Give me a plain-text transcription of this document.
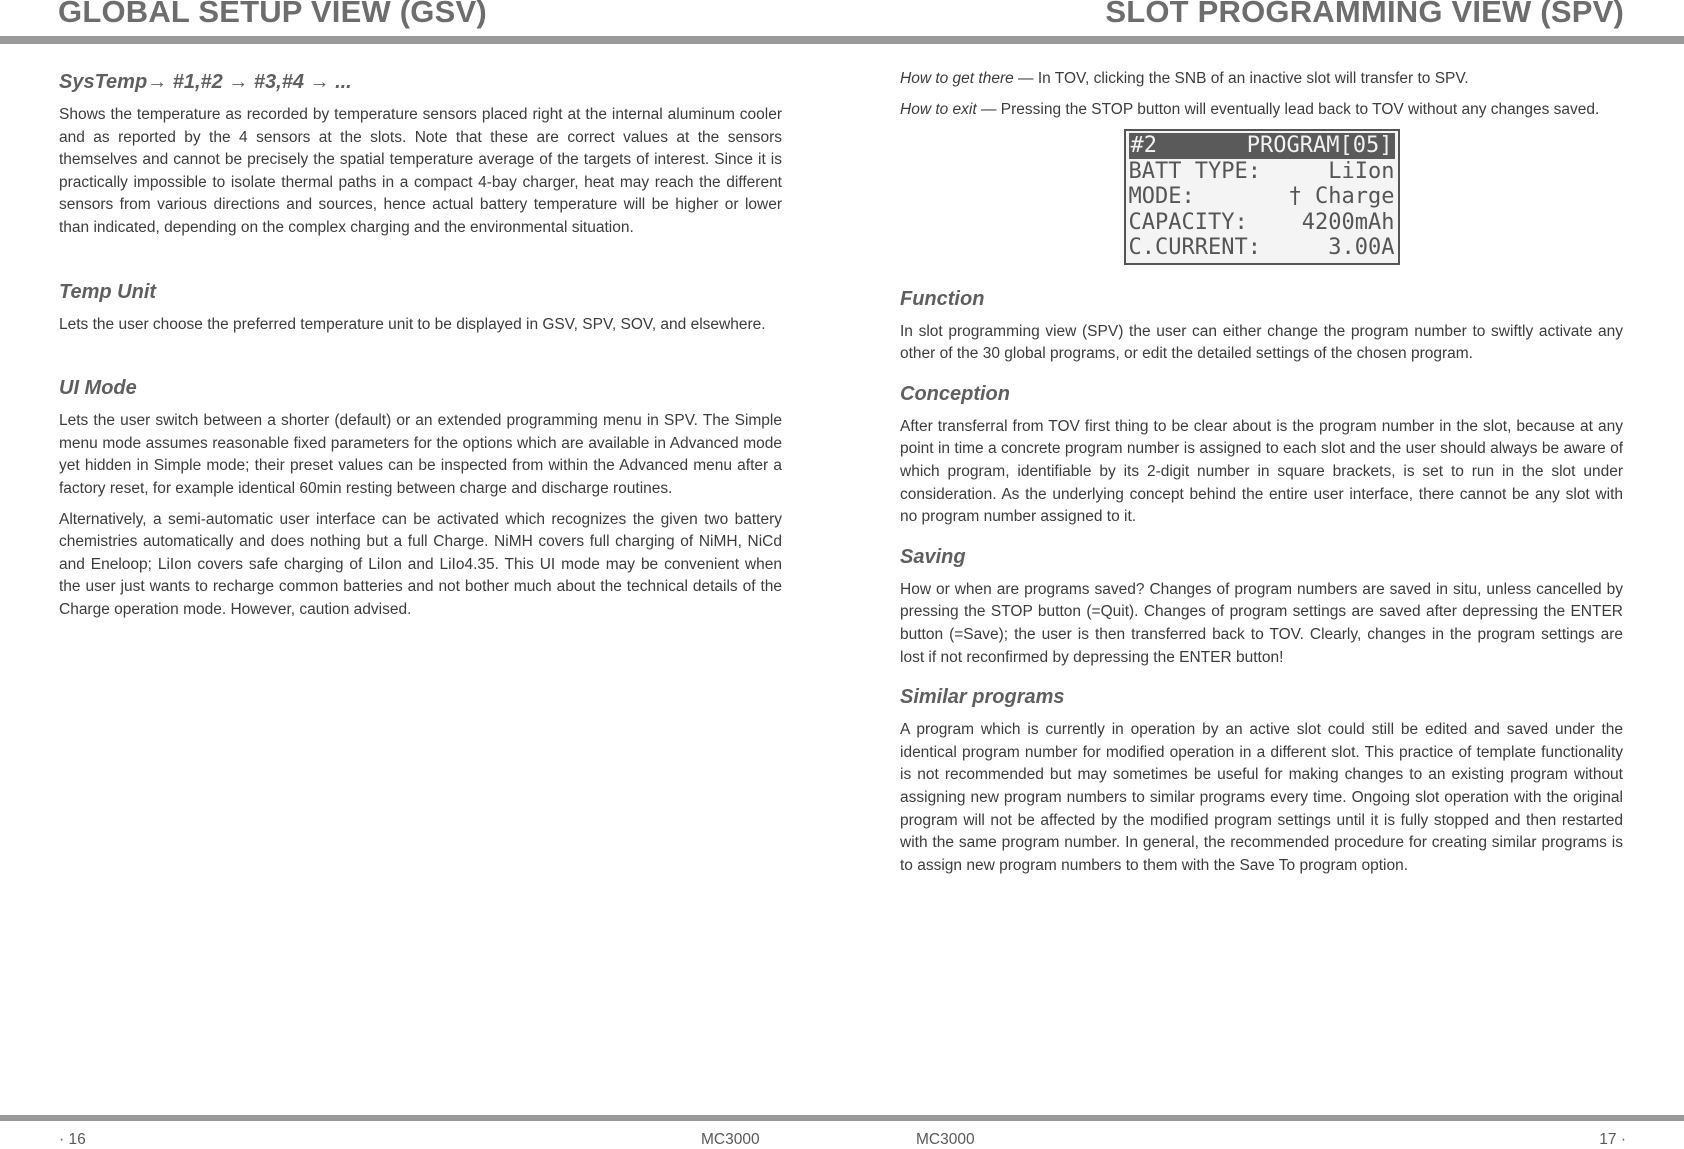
GLOBAL SETUP VIEW (GSV)	SLOT PROGRAMMING VIEW (SPV)
SysTemp→ #1,#2 → #3,#4 → ...

Shows the temperature as recorded by temperature sensors placed right at the internal aluminum cooler and as reported by the 4 sensors at the slots. Note that these are correct values at the sensors themselves and cannot be precisely the spatial temperature average of the targets of interest. Since it is practically impossible to isolate thermal paths in a compact 4-bay charger, heat may reach the different sensors from various directions and sources, hence actual battery temperature will be higher or lower than indicated, depending on the complex charging and the environmental situation.

Temp Unit

Lets the user choose the preferred temperature unit to be displayed in GSV, SPV, SOV, and elsewhere.

UI Mode

Lets the user switch between a shorter (default) or an extended programming menu in SPV. The Simple menu mode assumes reasonable fixed parameters for the options which are available in Advanced mode yet hidden in Simple mode; their preset values can be inspected from within the Advanced menu after a factory reset, for example identical 60min resting between charge and discharge routines.

Alternatively, a semi-automatic user interface can be activated which recognizes the given two battery chemistries automatically and does nothing but a full Charge. NiMH covers full charging of NiMH, NiCd and Eneloop; LiIon covers safe charging of LiIon and LiIo4.35. This UI mode may be convenient when the user just wants to recharge common batteries and not bother much about the technical details of the Charge operation mode. However, caution advised.

How to get there — In TOV, clicking the SNB of an inactive slot will transfer to SPV.

How to exit — Pressing the STOP button will eventually lead back to TOV without any changes saved.

#2	PROGRAM[05]
BATT TYPE:	LiIon
MODE:	† Charge
CAPACITY: 4200mAh
C.CURRENT:	3.00A
Function

In slot programming view (SPV) the user can either change the program number to swiftly activate any other of the 30 global programs, or edit the detailed settings of the chosen program.

Conception

After transferral from TOV first thing to be clear about is the program number in the slot, because at any point in time a concrete program number is assigned to each slot and the user should always be aware of which program, identifiable by its 2-digit number in square brackets, is set to run in the slot under consideration. As the underlying concept behind the entire user interface, there cannot be any slot with no program number assigned to it.

Saving

How or when are programs saved? Changes of program numbers are saved in situ, unless cancelled by pressing the STOP button (=Quit). Changes of program settings are saved after depressing the ENTER button (=Save); the user is then transferred back to TOV. Clearly, changes in the program settings are lost if not reconfirmed by depressing the ENTER button!

Similar programs

A program which is currently in operation by an active slot could still be edited and saved under the identical program number for modified operation in a different slot. This practice of template functionality is not recommended but may sometimes be useful for making changes to an existing program without assigning new program numbers to similar programs every time. Ongoing slot operation with the original program will not be affected by the modified program settings until it is fully stopped and then restarted with the same program number. In general, the recommended procedure for creating similar programs is to assign new program numbers to them with the Save To program option.

· 16	MC3000	MC3000	17 ·
